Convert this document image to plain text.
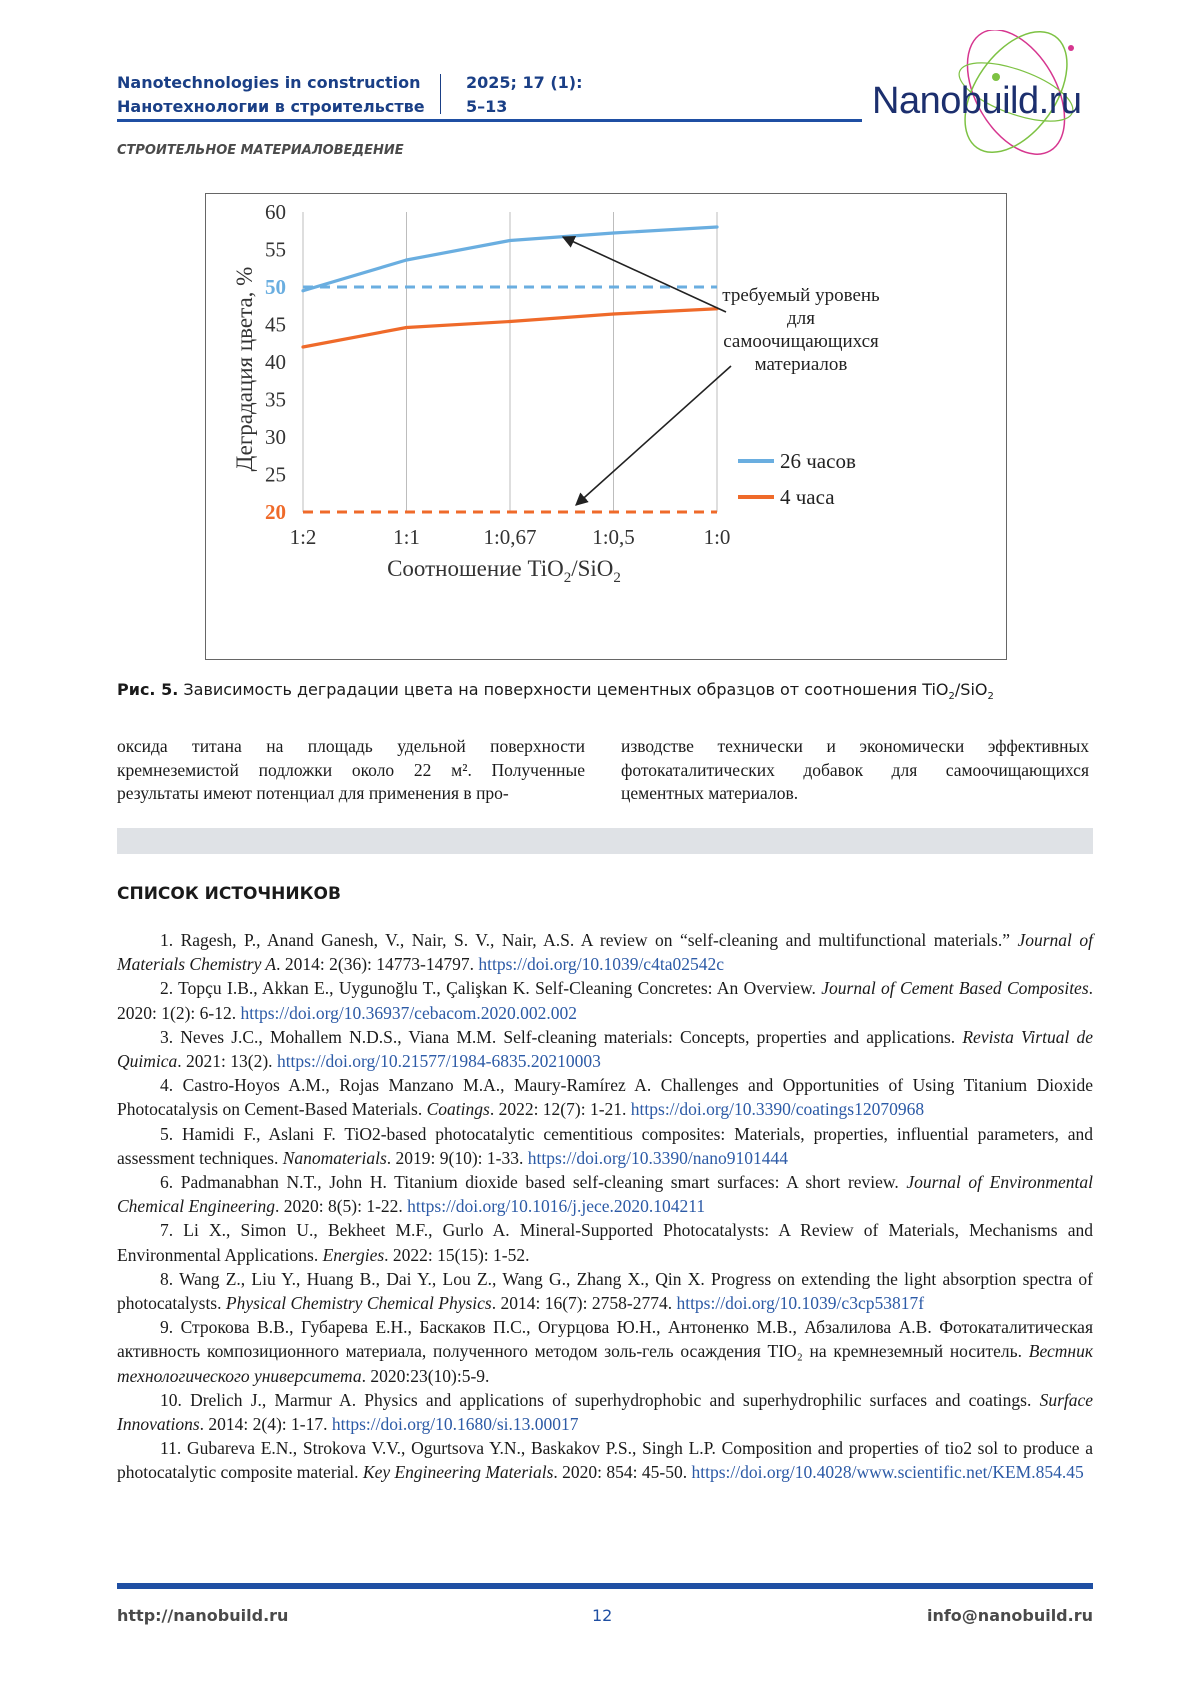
Nanotechnologies in construction
Нанотехнологии в строительстве
2025; 17 (1):
5–13	Nanobuild.ru
СТРОИТЕЛЬНОЕ МАТЕРИАЛОВЕДЕНИЕ
25
30
35
40
45
55
60
50
20
1:2	1:1	1:0,67	1:0,5	1:0
Деградация цвета, %
Соотношение TiO$_2$/SiO$_2$
требуемый уровень
для
самоочищающихся
материалов
26 часов
4 часа
Рис. 5. Зависимость деградации цвета на поверхности цементных образцов от соотношения TiO$_2$/SiO$_2$

оксида титана на площадь удельной поверхности кремнеземистой подложки около 22 м². Полученные результаты имеют потенциал для применения в про-

изводстве технически и экономически эффективных фотокаталитических добавок для самоочищающихся цементных материалов.

СПИСОК ИСТОЧНИКОВ

1. Ragesh, P., Anand Ganesh, V., Nair, S. V., Nair, A.S. A review on “self-cleaning and multifunctional materials.” Journal of Materials Chemistry A. 2014: 2(36): 14773-14797. https://doi.org/10.1039/c4ta02542c

2. Topçu I.B., Akkan E., Uygunoğlu T., Çalişkan K. Self-Cleaning Concretes: An Overview. Journal of Cement Based Composites. 2020: 1(2): 6-12. https://doi.org/10.36937/cebacom.2020.002.002

3. Neves J.C., Mohallem N.D.S., Viana M.M. Self-cleaning materials: Concepts, properties and applications. Revista Virtual de Quimica. 2021: 13(2). https://doi.org/10.21577/1984-6835.20210003

4. Castro-Hoyos A.M., Rojas Manzano M.A., Maury-Ramírez A. Challenges and Opportunities of Using Titanium Dioxide Photocatalysis on Cement-Based Materials. Coatings. 2022: 12(7): 1-21. https://doi.org/10.3390/coatings12070968

5. Hamidi F., Aslani F. TiO2-based photocatalytic cementitious composites: Materials, properties, influential parameters, and assessment techniques. Nanomaterials. 2019: 9(10): 1-33. https://doi.org/10.3390/nano9101444

6. Padmanabhan N.T., John H. Titanium dioxide based self-cleaning smart surfaces: A short review. Journal of Environmental Chemical Engineering. 2020: 8(5): 1-22. https://doi.org/10.1016/j.jece.2020.104211

7. Li X., Simon U., Bekheet M.F., Gurlo A. Mineral-Supported Photocatalysts: A Review of Materials, Mechanisms and Environmental Applications. Energies. 2022: 15(15): 1-52.

8. Wang Z., Liu Y., Huang B., Dai Y., Lou Z., Wang G., Zhang X., Qin X. Progress on extending the light absorption spectra of photocatalysts. Physical Chemistry Chemical Physics. 2014: 16(7): 2758-2774. https://doi.org/10.1039/c3cp53817f

9. Строкова В.В., Губарева Е.Н., Баскаков П.С., Огурцова Ю.Н., Антоненко М.В., Абзалилова А.В. Фотокаталитическая активность композиционного материала, полученного методом золь-гель осаждения TIO₂ на кремнеземный носитель. Вестник технологического университета. 2020:23(10):5-9.

10. Drelich J., Marmur A. Physics and applications of superhydrophobic and superhydrophilic surfaces and coatings. Surface Innovations. 2014: 2(4): 1-17. https://doi.org/10.1680/si.13.00017

11. Gubareva E.N., Strokova V.V., Ogurtsova Y.N., Baskakov P.S., Singh L.P. Composition and properties of tio2 sol to produce a photocatalytic composite material. Key Engineering Materials. 2020: 854: 45-50. https://doi.org/10.4028/www.scientific.net/KEM.854.45

http://nanobuild.ru	12	info@nanobuild.ru
